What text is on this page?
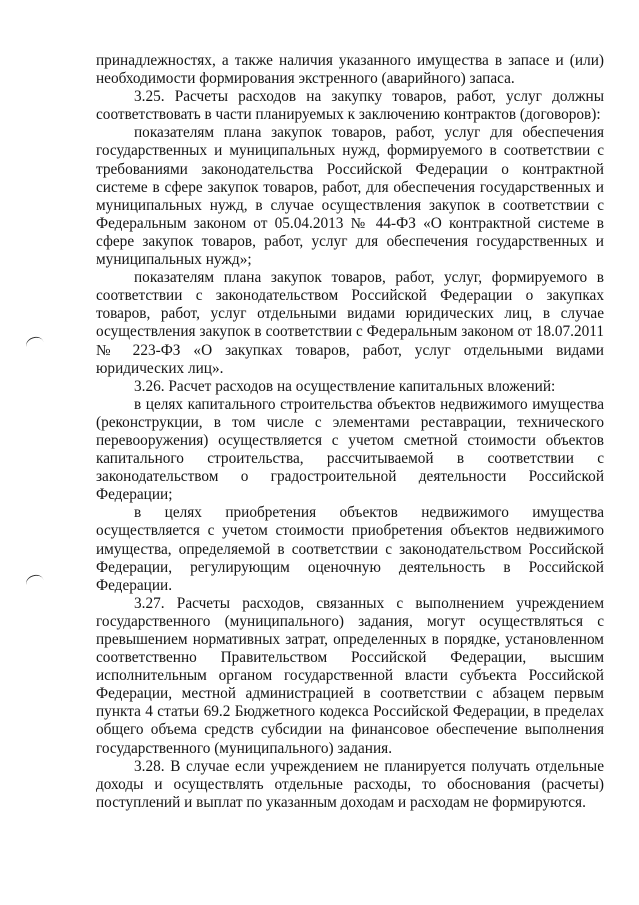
принадлежностях, а также наличия указанного имущества в запасе и (или) необходимости формирования экстренного (аварийного) запаса.

3.25. Расчеты расходов на закупку товаров, работ, услуг должны соответствовать в части планируемых к заключению контрактов (договоров):

показателям плана закупок товаров, работ, услуг для обеспечения государственных и муниципальных нужд, формируемого в соответствии с требованиями законодательства Российской Федерации о контрактной системе в сфере закупок товаров, работ, для обеспечения государственных и муниципальных нужд, в случае осуществления закупок в соответствии с Федеральным законом от 05.04.2013 № 44-ФЗ «О контрактной системе в сфере закупок товаров, работ, услуг для обеспечения государственных и муниципальных нужд»;

показателям плана закупок товаров, работ, услуг, формируемого в соответствии с законодательством Российской Федерации о закупках товаров, работ, услуг отдельными видами юридических лиц, в случае осуществления закупок в соответствии с Федеральным законом от 18.07.2011 № 223-ФЗ «О закупках товаров, работ, услуг отдельными видами юридических лиц».

3.26. Расчет расходов на осуществление капитальных вложений:

в целях капитального строительства объектов недвижимого имущества (реконструкции, в том числе с элементами реставрации, технического перевооружения) осуществляется с учетом сметной стоимости объектов капитального строительства, рассчитываемой в соответствии с законодательством о градостроительной деятельности Российской Федерации;

в целях приобретения объектов недвижимого имущества осуществляется с учетом стоимости приобретения объектов недвижимого имущества, определяемой в соответствии с законодательством Российской Федерации, регулирующим оценочную деятельность в Российской Федерации.

3.27. Расчеты расходов, связанных с выполнением учреждением государственного (муниципального) задания, могут осуществляться с превышением нормативных затрат, определенных в порядке, установленном соответственно Правительством Российской Федерации, высшим исполнительным органом государственной власти субъекта Российской Федерации, местной администрацией в соответствии с абзацем первым пункта 4 статьи 69.2 Бюджетного кодекса Российской Федерации, в пределах общего объема средств субсидии на финансовое обеспечение выполнения государственного (муниципального) задания.

3.28. В случае если учреждением не планируется получать отдельные доходы и осуществлять отдельные расходы, то обоснования (расчеты) поступлений и выплат по указанным доходам и расходам не формируются.
